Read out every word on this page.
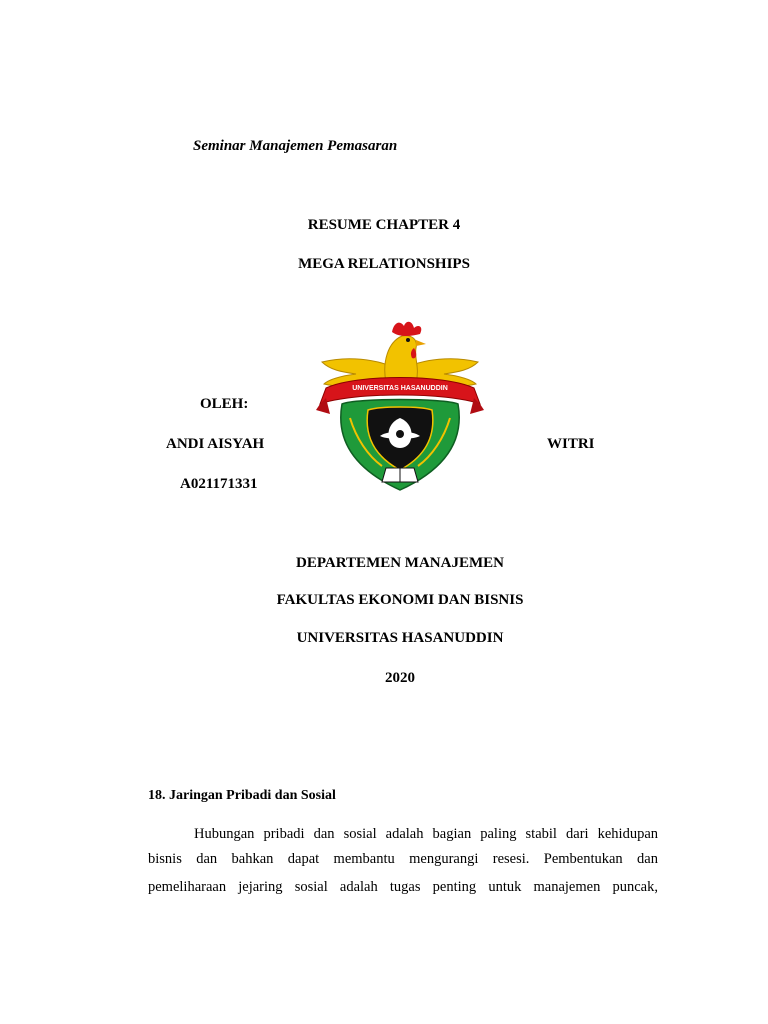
Seminar Manajemen Pemasaran
RESUME CHAPTER 4
MEGA RELATIONSHIPS
OLEH:
ANDI AISYAH	WITRI
A021171331
UNIVERSITAS HASANUDDIN
DEPARTEMEN MANAJEMEN
FAKULTAS EKONOMI DAN BISNIS
UNIVERSITAS HASANUDDIN
2020
18. Jaringan Pribadi dan Sosial
Hubungan pribadi dan sosial adalah bagian paling stabil dari kehidupan
bisnis dan bahkan dapat membantu mengurangi resesi. Pembentukan dan
pemeliharaan jejaring sosial adalah tugas penting untuk manajemen puncak,
